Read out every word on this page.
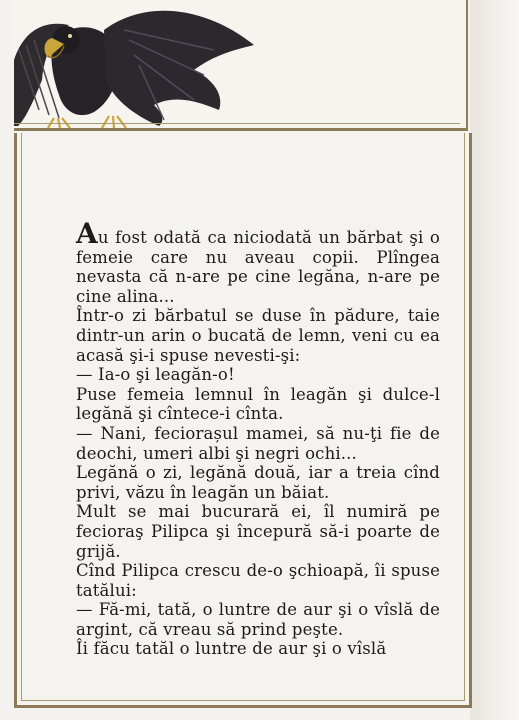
Au fost odată ca niciodată un bărbat şi o femeie care nu aveau copii. Plîngea nevasta că n-are pe cine legăna, n-are pe cine alina...

Într-o zi bărbatul se duse în pădure, taie dintr-un arin o bucată de lemn, veni cu ea acasă şi-i spuse nevesti-şi:

— Ia-o şi leagăn-o!

Puse femeia lemnul în leagăn şi dulce-l legănă şi cîntece-i cînta.

— Nani, feciorașul mamei, să nu-ţi fie de deochi, umeri albi şi negri ochi...

Legănă o zi, legănă două, iar a treia cînd privi, văzu în leagăn un băiat.

Mult se mai bucurară ei, îl numiră pe feciorаş Pilipca şi începură să-i poarte de grijă.

Cînd Pilipca crescu de-o şchioapă, îi spuse tatălui:

— Fă-mi, tată, o luntre de aur şi o vîslă de argint, că vreau să prind peşte.

Îi făcu tatăl o luntre de aur şi o vîslă
